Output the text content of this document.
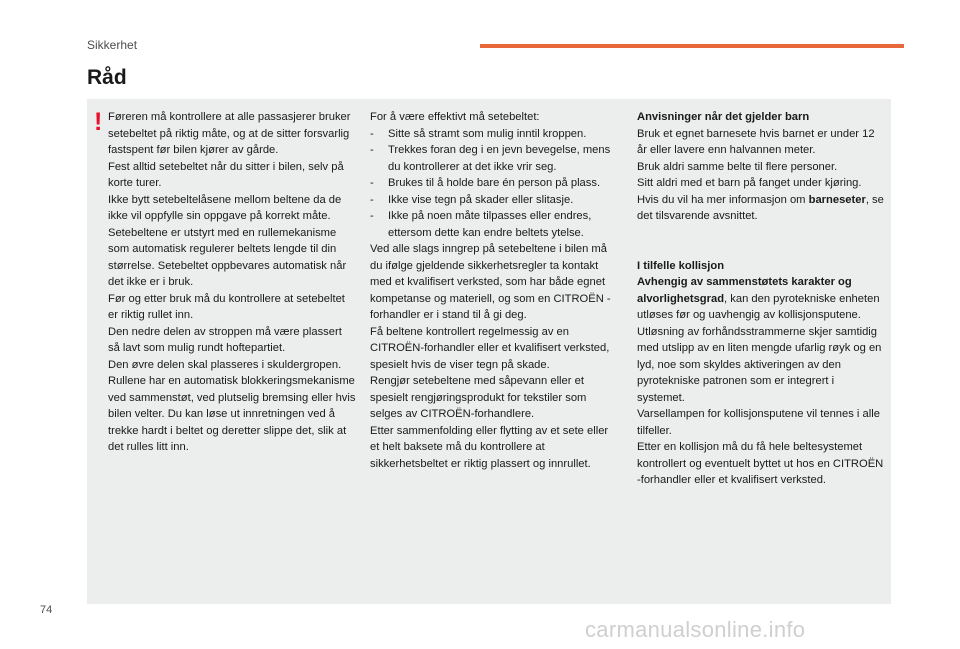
Sikkerhet
Råd
! Føreren må kontrollere at alle passasjerer bruker setebeltet på riktig måte, og at de sitter forsvarlig fastspent før bilen kjører av gårde.

Fest alltid setebeltet når du sitter i bilen, selv på korte turer.

Ikke bytt setebeltelåsene mellom beltene da de ikke vil oppfylle sin oppgave på korrekt måte.

Setebeltene er utstyrt med en rullemekanisme som automatisk regulerer beltets lengde til din størrelse. Setebeltet oppbevares automatisk når det ikke er i bruk.

Før og etter bruk må du kontrollere at setebeltet er riktig rullet inn.

Den nedre delen av stroppen må være plassert så lavt som mulig rundt hoftepartiet.

Den øvre delen skal plasseres i skuldergropen.

Rullene har en automatisk blokkeringsmekanisme ved sammenstøt, ved plutselig bremsing eller hvis bilen velter. Du kan løse ut innretningen ved å trekke hardt i beltet og deretter slippe det, slik at det rulles litt inn.

For å være effektivt må setebeltet:

- Sitte så stramt som mulig inntil kroppen.

- Trekkes foran deg i en jevn bevegelse, mens du kontrollerer at det ikke vrir seg.

- Brukes til å holde bare én person på plass.

- Ikke vise tegn på skader eller slitasje.

- Ikke på noen måte tilpasses eller endres, ettersom dette kan endre beltets ytelse.

Ved alle slags inngrep på setebeltene i bilen må du ifølge gjeldende sikkerhetsregler ta kontakt med et kvalifisert verksted, som har både egnet kompetanse og materiell, og som en CITROËN -forhandler er i stand til å gi deg.

Få beltene kontrollert regelmessig av en CITROËN-forhandler eller et kvalifisert verksted, spesielt hvis de viser tegn på skade.

Rengjør setebeltene med såpevann eller et spesielt rengjøringsprodukt for tekstiler som selges av CITROËN-forhandlere.

Etter sammenfolding eller flytting av et sete eller et helt baksete må du kontrollere at sikkerhetsbeltet er riktig plassert og innrullet.

Anvisninger når det gjelder barn

Bruk et egnet barnesete hvis barnet er under 12 år eller lavere enn halvannen meter.

Bruk aldri samme belte til flere personer.

Sitt aldri med et barn på fanget under kjøring.

Hvis du vil ha mer informasjon om barneseter, se det tilsvarende avsnittet.

I tilfelle kollisjon

Avhengig av sammenstøtets karakter og alvorlighetsgrad, kan den pyrotekniske enheten utløses før og uavhengig av kollisjonsputene. Utløsning av forhåndsstrammerne skjer samtidig med utslipp av en liten mengde ufarlig røyk og en lyd, noe som skyldes aktiveringen av den pyrotekniske patronen som er integrert i systemet.

Varsellampen for kollisjonsputene vil tennes i alle tilfeller.

Etter en kollisjon må du få hele beltesystemet kontrollert og eventuelt byttet ut hos en CITROËN -forhandler eller et kvalifisert verksted.

74
carmanualsonline.info
